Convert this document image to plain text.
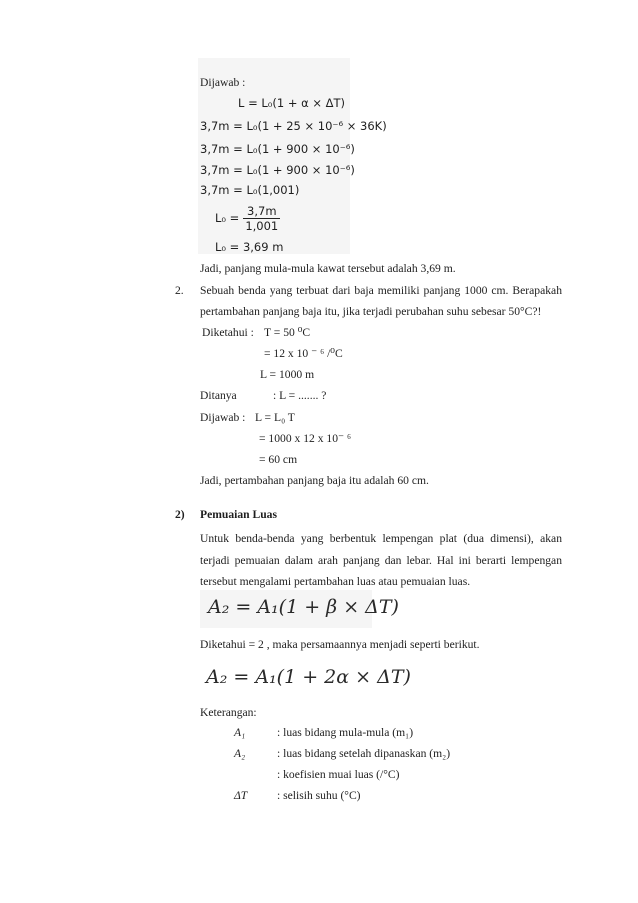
Dijawab :
L = L₀(1 + α × ΔT)
3,7m = L₀(1 + 25 × 10⁻⁶ × 36K)
3,7m = L₀(1 + 900 × 10⁻⁶)
3,7m = L₀(1 + 900 × 10⁻⁶)
3,7m = L₀(1,001)
$L_0 = \frac{3,7m}{1,001}$
L₀ = 3,69 m
Jadi, panjang mula-mula kawat tersebut adalah 3,69 m.
2. Sebuah benda yang terbuat dari baja memiliki panjang 1000 cm. Berapakah
pertambahan panjang baja itu, jika terjadi perubahan suhu sebesar 50°C?!
Diketahui : T = 50 ⁰C
= 12 x 10 ⁻ ⁶ /⁰C
L = 1000 m
Ditanya	: L = ....... ?
Dijawab : L = L₀ T
= 1000 x 12 x 10⁻ ⁶
= 60 cm
Jadi, pertambahan panjang baja itu adalah 60 cm.
2) Pemuaian Luas
Untuk benda-benda yang berbentuk lempengan plat (dua dimensi), akan terjadi pemuaian dalam arah panjang dan lebar. Hal ini berarti lempengan tersebut mengalami pertambahan luas atau pemuaian luas.
A₂ = A₁(1 + β × ΔT)
Diketahui = 2 , maka persamaannya menjadi seperti berikut.
A₂ = A₁(1 + 2α × ΔT)
Keterangan:
A₁	: luas bidang mula-mula (m₁)
A₂	: luas bidang setelah dipanaskan (m₂)
: koefisien muai luas (/°C)
ΔT	: selisih suhu (°C)
